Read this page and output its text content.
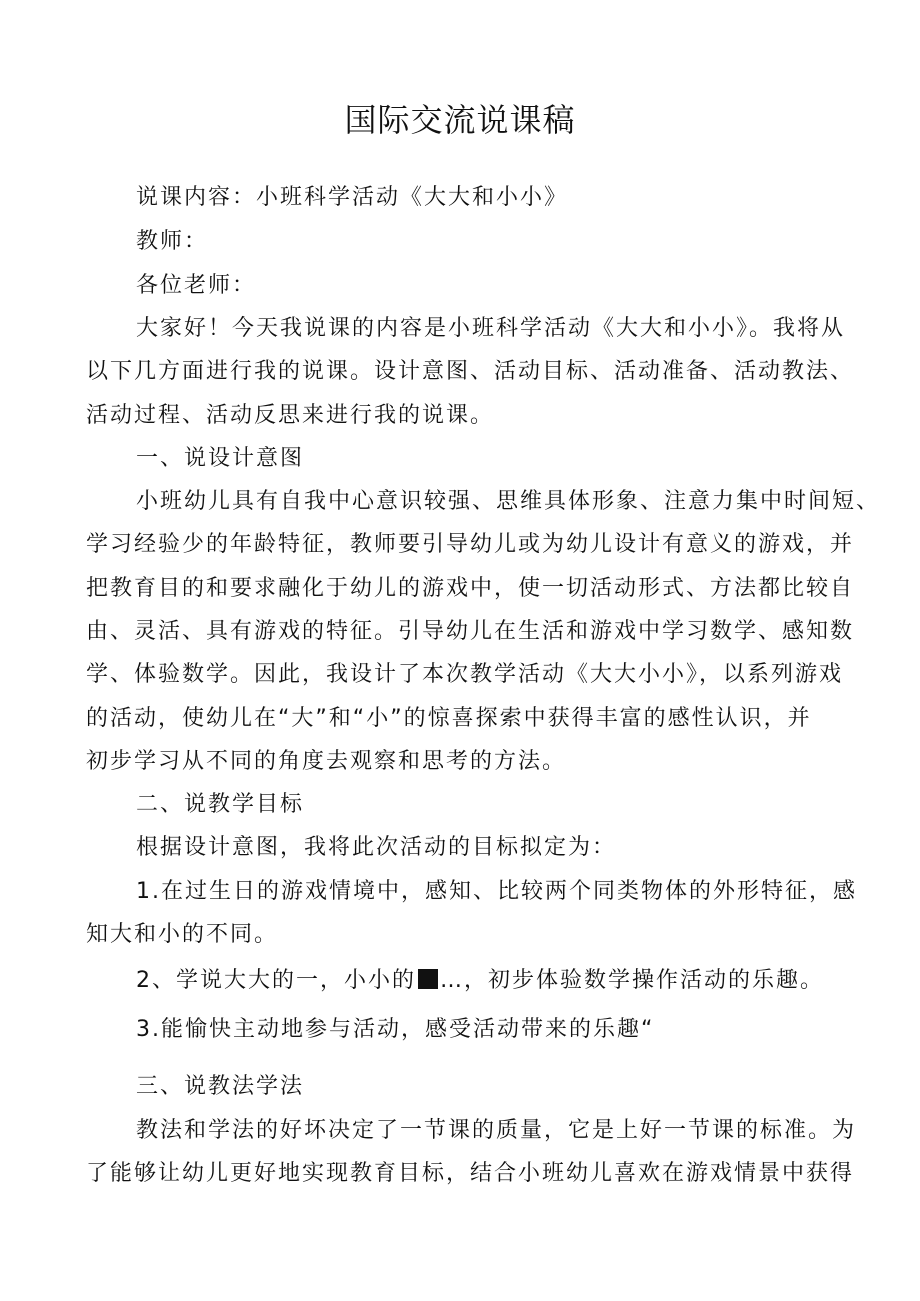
国际交流说课稿
说课内容：小班科学活动《大大和小小》
教师：
各位老师：
大家好！今天我说课的内容是小班科学活动《大大和小小》。我将从
以下几方面进行我的说课。设计意图、活动目标、活动准备、活动教法、
活动过程、活动反思来进行我的说课。
一、说设计意图
小班幼儿具有自我中心意识较强、思维具体形象、注意力集中时间短、
学习经验少的年龄特征，教师要引导幼儿或为幼儿设计有意义的游戏，并
把教育目的和要求融化于幼儿的游戏中，使一切活动形式、方法都比较自
由、灵活、具有游戏的特征。引导幼儿在生活和游戏中学习数学、感知数
学、体验数学。因此，我设计了本次教学活动《大大小小》，以系列游戏
的活动，使幼儿在“大”和“小”的惊喜探索中获得丰富的感性认识，并
初步学习从不同的角度去观察和思考的方法。
二、说教学目标
根据设计意图，我将此次活动的目标拟定为：
1.在过生日的游戏情境中，感知、比较两个同类物体的外形特征，感
知大和小的不同。
2、学说大大的一，小小的 …，初步体验数学操作活动的乐趣。
3.能愉快主动地参与活动，感受活动带来的乐趣“
三、说教法学法
教法和学法的好坏决定了一节课的质量，它是上好一节课的标准。为
了能够让幼儿更好地实现教育目标，结合小班幼儿喜欢在游戏情景中获得
